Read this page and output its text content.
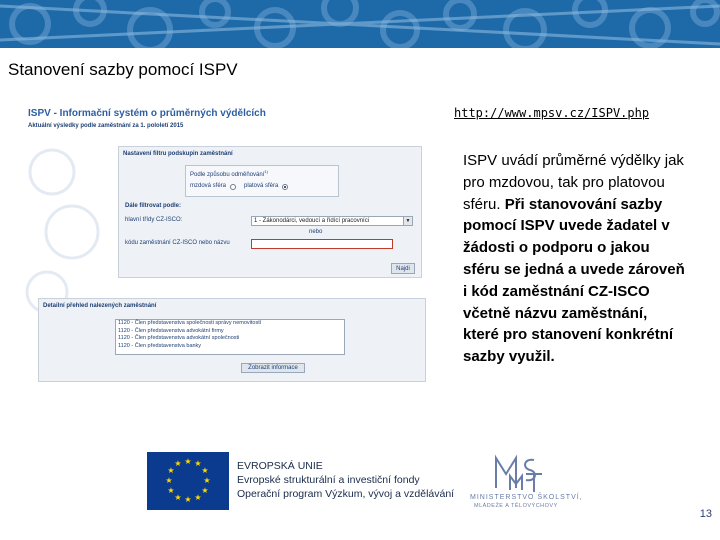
Stanovení sazby pomocí ISPV
ISPV - Informační systém o průměrných výdělcích
Aktuální výsledky podle zaměstnání za 1. pololetí 2015
Nastavení filtru podskupin zaměstnání
Podle způsobu odměňování$^{1)}$
mzdová sféra	platová sféra
Dále filtrovat podle:
hlavní třídy CZ-ISCO:	1 - Zákonodárci, vedoucí a řídící pracovníci	▼
nebo
kódu zaměstnání CZ-ISCO nebo názvu
Najdi
Detailní přehled nalezených zaměstnání
1120 - Člen představenstva společnosti správy nemovitostí
1120 - Člen představenstva advokátní firmy
1120 - Člen představenstva advokátní společnosti
1120 - Člen představenstva banky
Zobrazit informace
http://www.mpsv.cz/ISPV.php
ISPV uvádí průměrné výdělky jak pro mzdovou, tak pro platovou sféru. Při stanovování sazby pomocí ISPV uvede žadatel v žádosti o podporu o jakou sféru se jedná a uvede zároveň i kód zaměstnání CZ-ISCO včetně názvu zaměstnání, které pro stanovení konkrétní sazby využil.
★ ★
★
★
★
★
★
★
★
★
★
★	EVROPSKÁ UNIE
Evropské strukturální a investiční fondy
Operační program Výzkum, vývoj a vzdělávání MINISTERSTVO ŠKOLSTVÍ,
MLÁDEŽE A TĚLOVÝCHOVY
13
